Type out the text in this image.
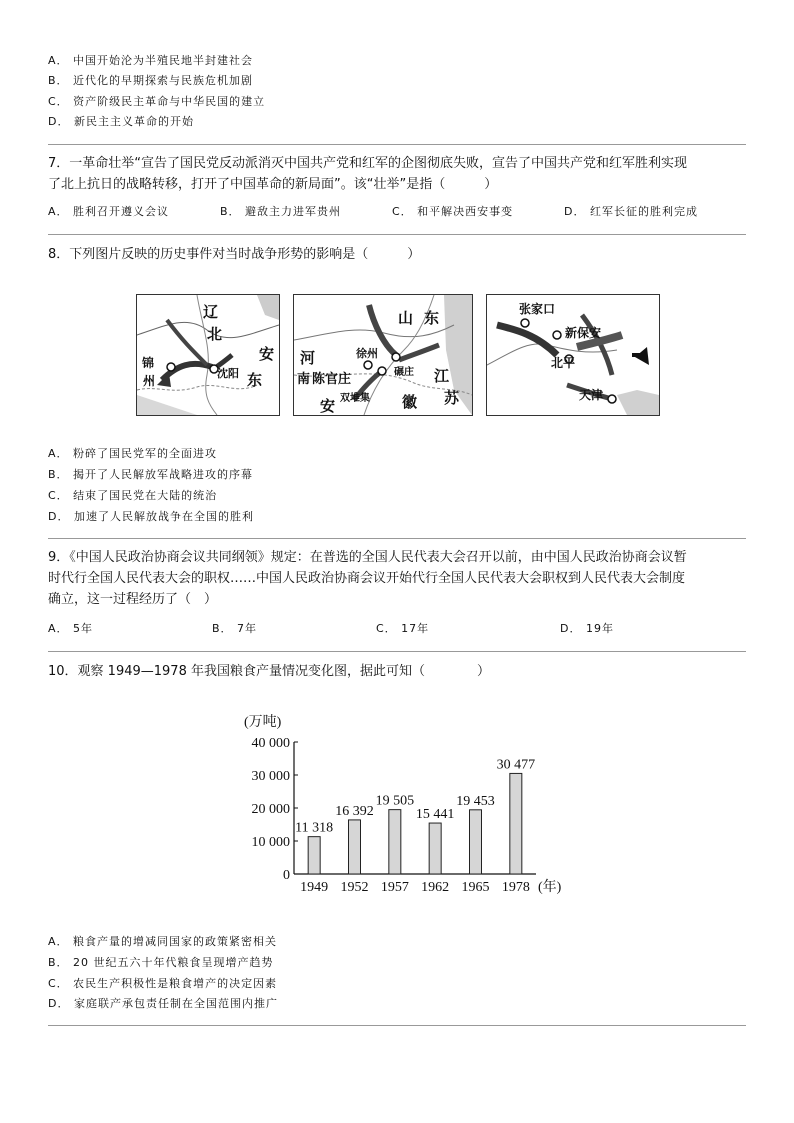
A． 中国开始沦为半殖民地半封建社会
B． 近代化的早期探索与民族危机加剧
C． 资产阶级民主革命与中华民国的建立
D． 新民主主义革命的开始
7．一革命壮举“宣告了国民党反动派消灭中国共产党和红军的企图彻底失败，宣告了中国共产党和红军胜利实现
了北上抗日的战略转移，打开了中国革命的新局面”。该“壮举”是指（　　　）
A． 胜利召开遵义会议	B． 避敌主力进军贵州	C． 和平解决西安事变	D． 红军长征的胜利完成
8．下列图片反映的历史事件对当时战争形势的影响是（　　　）
辽
北
安
东
锦
州
沈阳
山 东
河
南 陈官庄
徐州
碾庄 江
苏
安	徽
双堆集
张家口
新保安
北平
天津
A． 粉碎了国民党军的全面进攻
B． 揭开了人民解放军战略进攻的序幕
C． 结束了国民党在大陆的统治
D． 加速了人民解放战争在全国的胜利
9．《中国人民政治协商会议共同纲领》规定：在普选的全国人民代表大会召开以前，由中国人民政治协商会议暂
时代行全国人民代表大会的职权……中国人民政治协商会议开始代行全国人民代表大会职权到人民代表大会制度
确立，这一过程经历了（　）
A． 5年	B． 7年	C． 17年	D． 19年
10．观察 1949—1978 年我国粮食产量情况变化图，据此可知（　　　　）
(万吨)
(年)
0
10 000
20 000
30 000
40 000
11 318
16 392
19 505
15 441
19 453
30 477
1949 1952 1957 1962 1965 1978
A． 粮食产量的增减同国家的政策紧密相关
B． 20 世纪五六十年代粮食呈现增产趋势
C． 农民生产积极性是粮食增产的决定因素
D． 家庭联产承包责任制在全国范围内推广
